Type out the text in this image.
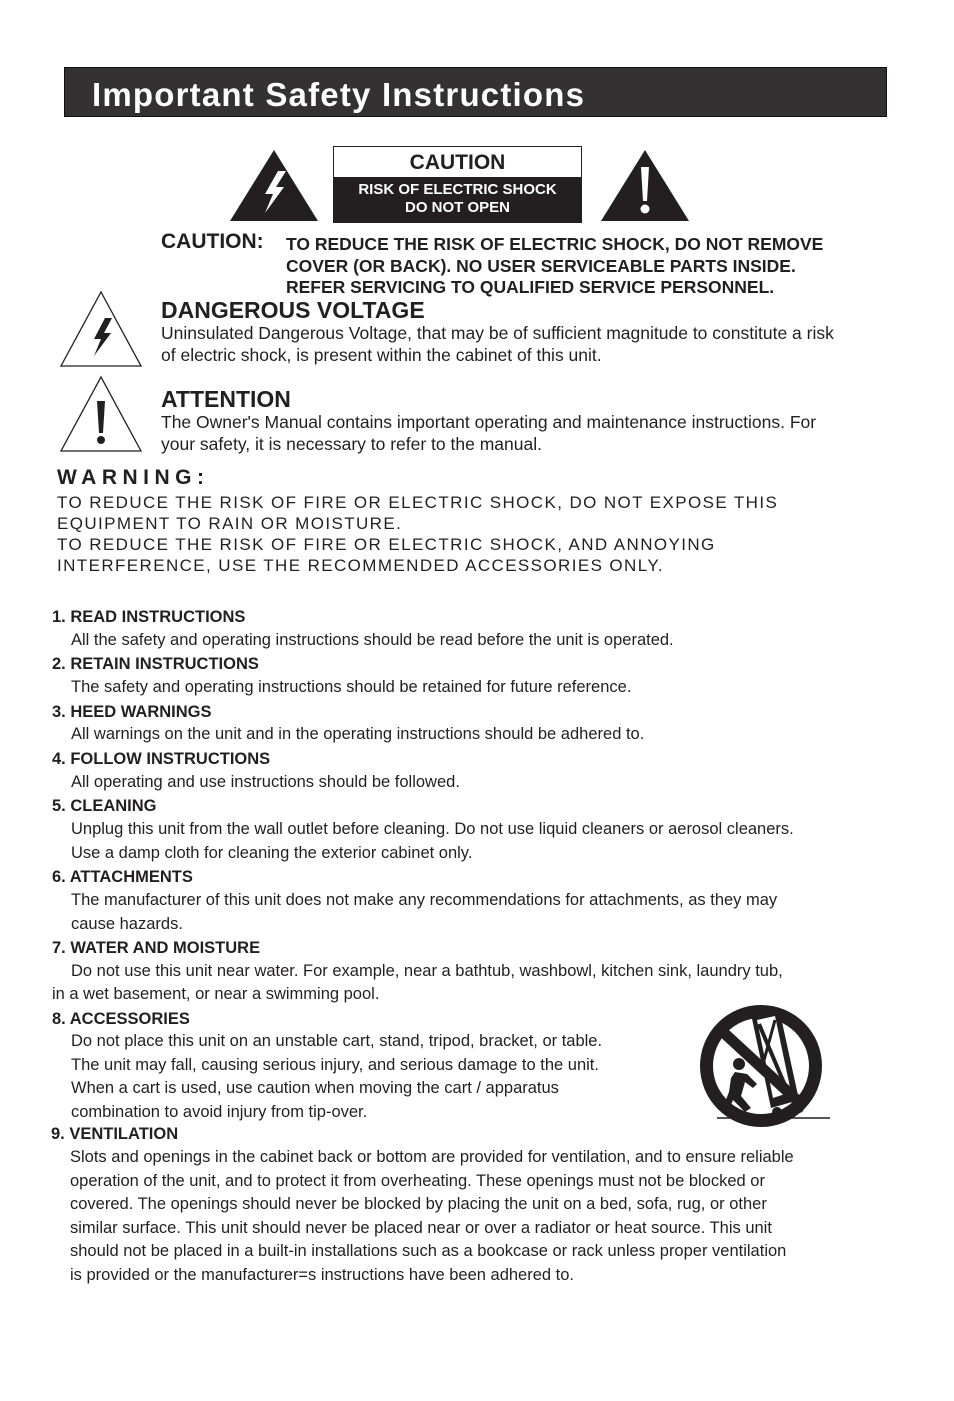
Important Safety Instructions
CAUTION
RISK OF ELECTRIC SHOCK
DO NOT OPEN
CAUTION: TO REDUCE THE RISK OF ELECTRIC SHOCK, DO NOT REMOVE
COVER (OR BACK). NO USER SERVICEABLE PARTS INSIDE.
REFER SERVICING TO QUALIFIED SERVICE PERSONNEL.
DANGEROUS VOLTAGE
Uninsulated Dangerous Voltage, that may be of sufficient magnitude to constitute a risk
of electric shock, is present within the cabinet of this unit.
ATTENTION
The Owner's Manual contains important operating and maintenance instructions. For
your safety, it is necessary to refer to the manual.
WARNING:
TO REDUCE THE RISK OF FIRE OR ELECTRIC SHOCK, DO NOT EXPOSE THIS
EQUIPMENT TO RAIN OR MOISTURE.
TO REDUCE THE RISK OF FIRE OR ELECTRIC SHOCK, AND ANNOYING
INTERFERENCE, USE THE RECOMMENDED ACCESSORIES ONLY.
1. READ INSTRUCTIONS
All the safety and operating instructions should be read before the unit is operated.
2. RETAIN INSTRUCTIONS
The safety and operating instructions should be retained for future reference.
3. HEED WARNINGS
All warnings on the unit and in the operating instructions should be adhered to.
4. FOLLOW INSTRUCTIONS
All operating and use instructions should be followed.
5. CLEANING
Unplug this unit from the wall outlet before cleaning. Do not use liquid cleaners or aerosol cleaners.
Use a damp cloth for cleaning the exterior cabinet only.
6. ATTACHMENTS
The manufacturer of this unit does not make any recommendations for attachments, as they may
cause hazards.
7. WATER AND MOISTURE
Do not use this unit near water. For example, near a bathtub, washbowl, kitchen sink, laundry tub,
in a wet basement, or near a swimming pool.
8. ACCESSORIES
Do not place this unit on an unstable cart, stand, tripod, bracket, or table.
The unit may fall, causing serious injury, and serious damage to the unit.
When a cart is used, use caution when moving the cart / apparatus
combination to avoid injury from tip-over.
9. VENTILATION
Slots and openings in the cabinet back or bottom are provided for ventilation, and to ensure reliable
operation of the unit, and to protect it from overheating. These openings must not be blocked or
covered. The openings should never be blocked by placing the unit on a bed, sofa, rug, or other
similar surface. This unit should never be placed near or over a radiator or heat source. This unit
should not be placed in a built-in installations such as a bookcase or rack unless proper ventilation
is provided or the manufacturer=s instructions have been adhered to.
